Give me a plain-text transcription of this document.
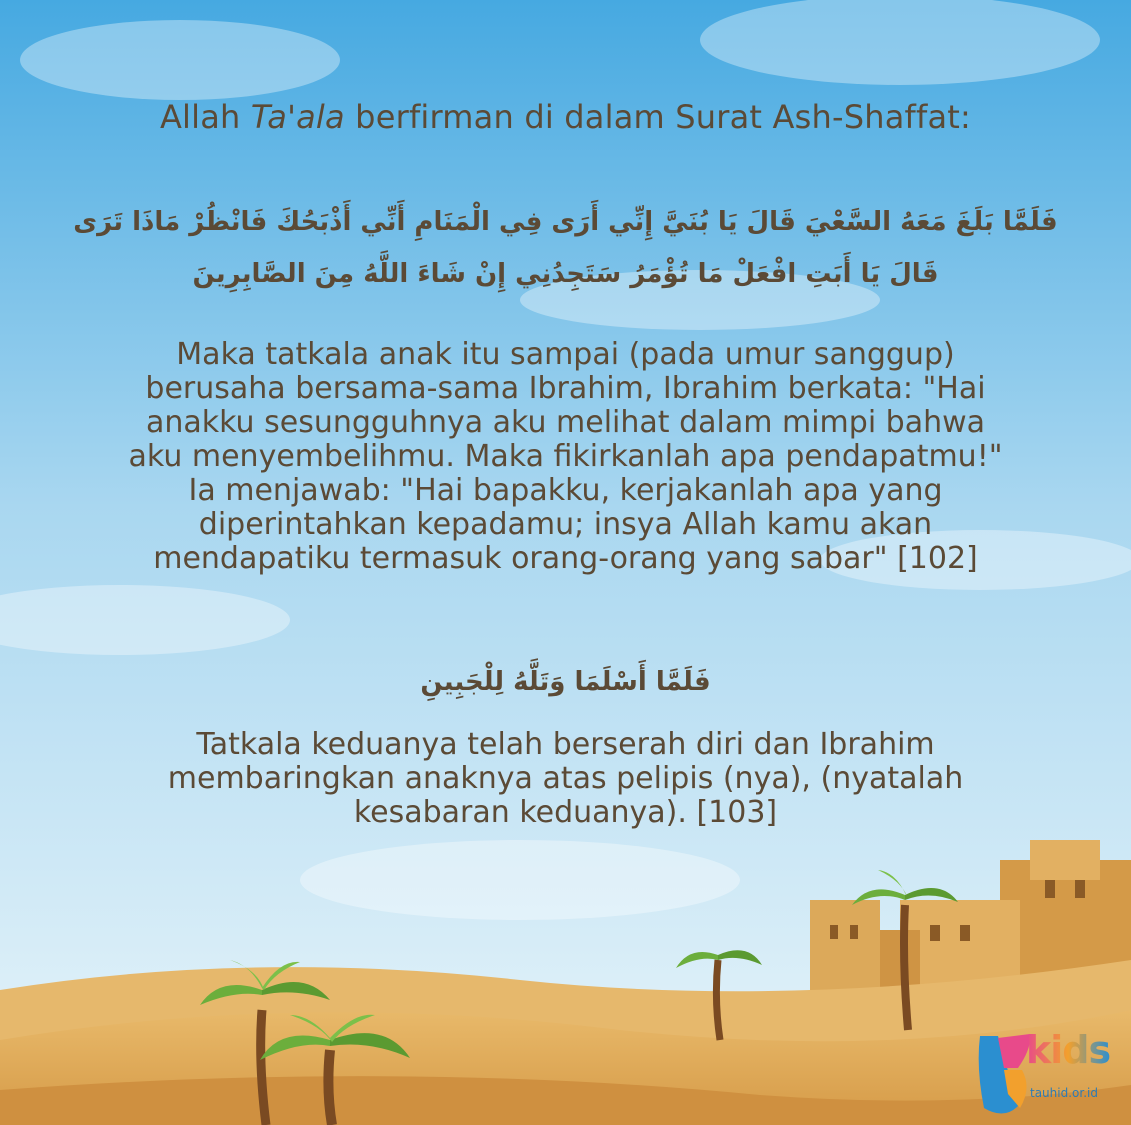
Allah Ta'ala berfirman di dalam Surat Ash-Shaffat:
فَلَمَّا بَلَغَ مَعَهُ السَّعْيَ قَالَ يَا بُنَيَّ إِنِّي أَرَى فِي الْمَنَامِ أَنِّي أَذْبَحُكَ فَانْظُرْ مَاذَا تَرَى
قَالَ يَا أَبَتِ افْعَلْ مَا تُؤْمَرُ سَتَجِدُنِي إِنْ شَاءَ اللَّهُ مِنَ الصَّابِرِينَ
Maka tatkala anak itu sampai (pada umur sanggup)
berusaha bersama-sama Ibrahim, Ibrahim berkata: "Hai
anakku sesungguhnya aku melihat dalam mimpi bahwa
aku menyembelihmu. Maka fikirkanlah apa pendapatmu!"
Ia menjawab: "Hai bapakku, kerjakanlah apa yang
diperintahkan kepadamu; insya Allah kamu akan
mendapatiku termasuk orang-orang yang sabar" [102]
فَلَمَّا أَسْلَمَا وَتَلَّهُ لِلْجَبِينِ
Tatkala keduanya telah berserah diri dan Ibrahim
membaringkan anaknya atas pelipis (nya), (nyatalah
kesabaran keduanya). [103]
kids
tauhid.or.id
